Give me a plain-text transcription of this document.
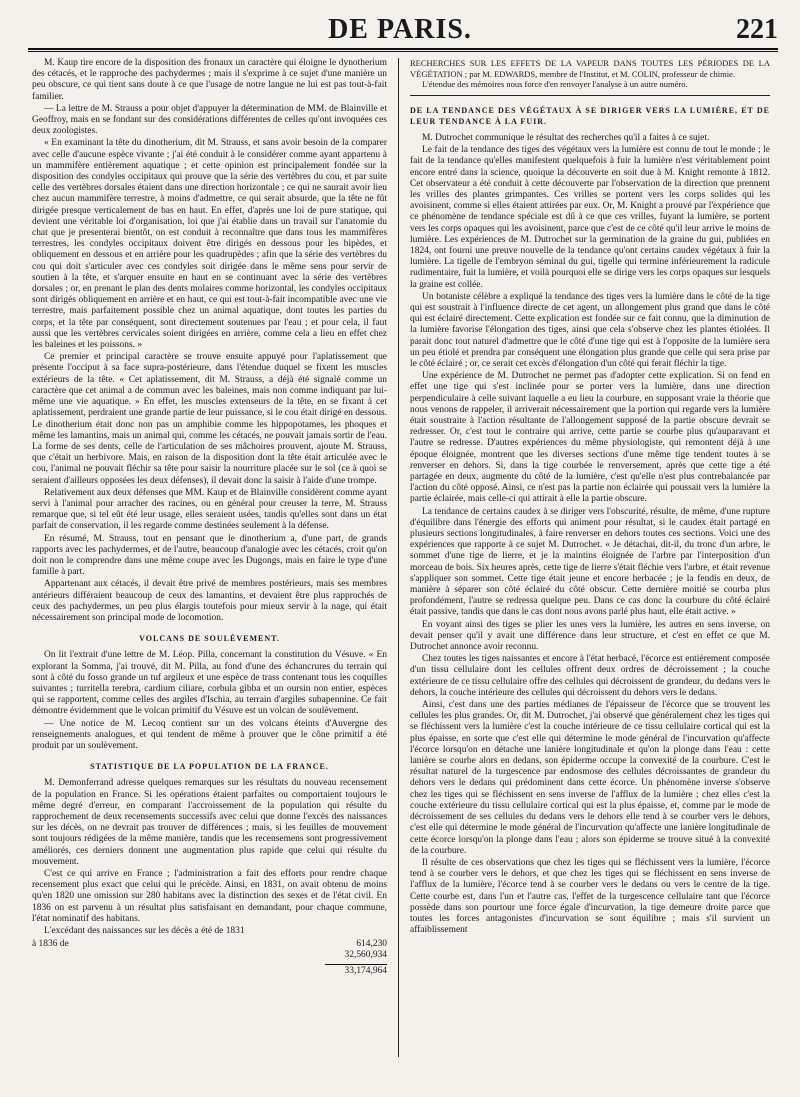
DE PARIS.	221

M. Kaup tire encore de la disposition des fronaux un caractère qui éloigne le dynotherium des cétacés, et le rapproche des pachydermes ; mais il s'exprime à ce sujet d'une manière un peu obscure, ce qui tient sans doute à ce que l'usage de notre langue ne lui est pas tout-à-fait familier.

— La lettre de M. Strauss a pour objet d'appuyer la détermination de MM. de Blainville et Geoffroy, mais en se fondant sur des considérations différentes de celles qu'ont invoquées ces deux zoologistes.

« En examinant la tête du dinotherium, dit M. Strauss, et sans avoir besoin de la comparer avec celle d'aucune espèce vivante ; j'ai été conduit à le considérer comme ayant appartenu à un mammifère entièrement aquatique ; et cette opinion est principalement fondée sur la disposition des condyles occipitaux qui prouve que la série des vertèbres du cou, et par suite celle des vertèbres dorsales étaient dans une direction horizontale ; ce qui ne saurait avoir lieu chez aucun mammifère terrestre, à moins d'admettre, ce qui serait absurde, que la tête ne fût dirigée presque verticalement de bas en haut. En effet, d'après une loi de pure statique, qui devient une véritable loi d'organisation, loi que j'ai établie dans un travail sur l'anatomie du chat que je presenterai bientôt, on est conduit à reconnaître que dans tous les mammifères terrestres, les condyles occipitaux doivent être dirigés en dessous pour les bipèdes, et obliquement en dessous et en arrière pour les quadrupèdes ; afin que la série des vertèbres du cou qui doit s'articuler avec ces condyles soit dirigée dans le même sens pour servir de soutien à la tête, et s'arquer ensuite en haut en se continuant avec la série des vertèbres dorsales ; or, en prenant le plan des dents molaires comme horizontal, les condyles occipitaux sont dirigés obliquement en arrière et en haut, ce qui est tout-à-fait incompatible avec une vie terrestre, mais parfaitement possible chez un animal aquatique, dont toutes les parties du corps, et la tête par conséquent, sont directement soutenues par l'eau ; et pour cela, il faut aussi que les vertèbres cervicales soient dirigées en arrière, comme cela a lieu en effet chez les baleines et les poissons. »

Ce premier et principal caractère se trouve ensuite appuyé pour l'aplatissement que présente l'occiput à sa face supra-postérieure, dans l'étendue duquel se fixent les muscles extérieurs de la tête. « Cet aplatissement, dit M. Strauss, a déjà été signalé comme un caractère que cet animal a de commun avec les baleines, mais non comme indiquant par lui-même une vie aquatique. » En effet, les muscles extenseurs de la tête, en se fixant à cet aplatissement, perdraient une grande partie de leur puissance, si le cou était dirigé en dessous. Le dinotherium était donc non pas un amphibie comme les hippopotames, les phoques et même les lamantins, mais un animal qui, comme les cétacés, ne pouvait jamais sortir de l'eau. La forme de ses dents, celle de l'articulation de ses mâchoires prouvent, ajoute M. Strauss, que c'était un herbivore. Mais, en raison de la disposition dont la tête était articulée avec le cou, l'animal ne pouvait fléchir sa tête pour saisir la nourriture placée sur le sol (ce à quoi se seraient d'ailleurs opposées les deux défenses), il devait donc la saisir à l'aide d'une trompe.

Relativement aux deux défenses que MM. Kaup et de Blainville considèrent comme ayant servi à l'animal pour arracher des racines, ou en général pour creuser la terre, M. Strauss remarque que, si tel eût été leur usage, elles seraient usées, tandis qu'elles sont dans un état parfait de conservation, il les regarde comme destinées seulement à la défense.

En résumé, M. Strauss, tout en pensant que le dinotherium a, d'une part, de grands rapports avec les pachydermes, et de l'autre, beaucoup d'analogie avec les cétacés, croit qu'on doit non le comprendre dans une même coupe avec les Dugongs, mais en faire le type d'une famille à part.

Appartenant aux cétacés, il devait être privé de membres postérieurs, mais ses membres antérieurs différaient beaucoup de ceux des lamantins, et devaient être plus rapprochés de ceux des pachydermes, un peu plus élargis toutefois pour mieux servir à la nage, qui était nécessairement son principal mode de locomotion.

VOLCANS DE SOULÈVEMENT.

On lit l'extrait d'une lettre de M. Léop. Pilla, concernant la constitution du Vésuve. « En explorant la Somma, j'ai trouvé, dit M. Pilla, au fond d'une des échancrures du terrain qui sont à côté du fosso grande un tuf argileux et une espèce de trass contenant tous les coquilles suivantes ; turritella terebra, cardium ciliare, corbula gibba et un oursin non entier, espèces qui se rapportent, comme celles des argiles d'Ischia, au terrain d'argiles subapennine. Ce fait démontre évidemment que le volcan primitif du Vésuve est un volcan de soulèvement.

— Une notice de M. Lecoq contient sur un des volcans éteints d'Auvergne des renseignements analogues, et qui tendent de même à prouver que le cône primitif a été produit par un soulèvement.

STATISTIQUE DE LA POPULATION DE LA FRANCE.

M. Demonferrand adresse quelques remarques sur les résultats du nouveau recensement de la population en France. Si les opérations étaient parfaites ou comportaient toujours le même degré d'erreur, en comparant l'accroissement de la population qui résulte du rapprochement de deux recensements successifs avec celui que donne l'excès des naissances sur les décès, on ne devrait pas trouver de différences ; mais, si les feuilles de mouvement sont toujours rédigées de la même manière, tandis que les recensemens sont progressivement améliorés, ces derniers donnent une augmentation plus rapide que celui qui résulte du mouvement.

C'est ce qui arrive en France ; l'administration a fait des efforts pour rendre chaque recensement plus exact que celui qui le précède. Ainsi, en 1831, on avait obtenu de moins qu'en 1820 une omission sur 280 habitans avec la distinction des sexes et de l'état civil. En 1836 on est parvenu à un résultat plus satisfaisant en demandant, pour chaque commune, l'état nominatif des habitans.

L'excédant des naissances sur les décès a été de 1831

à 1836 de	614,230
32,560,934
33,174,964
RECHERCHES SUR LES EFFETS DE LA VAPEUR DANS TOUTES LES PÉRIODES DE LA VÉGÉTATION ; par M. EDWARDS, membre de l'Institut, et M. COLIN, professeur de chimie.

L'étendue des mémoires nous force d'en renvoyer l'analyse à un autre numéro.

DE LA TENDANCE DES VÉGÉTAUX À SE DIRIGER VERS LA LUMIÈRE, ET DE LEUR TENDANCE À LA FUIR.

M. Dutrochet communique le résultat des recherches qu'il a faites à ce sujet.

Le fait de la tendance des tiges des végétaux vers la lumière est connu de tout le monde ; le fait de la tendance qu'elles manifestent quelquefois à fuir la lumière n'est véritablement point encore entré dans la science, quoique la découverte en soit due à M. Knight remonte à 1812. Cet observateur a été conduit à cette découverte par l'observation de la direction que prennent les vrilles des plantes grimpantes. Ces vrilles se portent vers les corps solides qui les avoisinent, comme si elles étaient attirées par eux. Or, M. Knight a prouvé par l'expérience que ce phénomène de tendance spéciale est dû à ce que ces vrilles, fuyant la lumière, se portent vers les corps opaques qui les avoisinent, parce que c'est de ce côté qu'il leur arrive le moins de lumière. Les expériences de M. Dutrochet sur la germination de la graine du gui, publiées en 1824, ont fourni une preuve nouvelle de la tendance qu'ont certains caudex végétaux à fuir la lumière. La tigelle de l'embryon séminal du gui, tigelle qui termine inférieurement la radicule rudimentaire, fuit la lumière, et voilà pourquoi elle se dirige vers les corps opaques sur lesquels la graine est collée.

Un botaniste célèbre a expliqué la tendance des tiges vers la lumière dans le côté de la tige qui est soustrait à l'influence directe de cet agent, un allongement plus grand que dans le côté qui est éclairé directement. Cette explication est fondée sur ce fait connu, que la diminution de la lumière favorise l'élongation des tiges, ainsi que cela s'observe chez les plantes étiolées. Il parait donc tout naturel d'admettre que le côté d'une tige qui est à l'opposite de la lumière sera un peu étiolé et prendra par conséquent une élongation plus grande que celle qui sera prise par le côté éclairé ; or, ce serait cet excès d'élongation d'un côté qui ferait fléchir la tige.

Une expérience de M. Dutrochet ne permet pas d'adopter cette explication. Si on fend en effet une tige qui s'est inclinée pour se porter vers la lumière, dans une direction perpendiculaire à celle suivant laquelle a eu lieu la courbure, en supposant vraie la théorie que nous venons de rappeler, il arriverait nécessairement que la portion qui regarde vers la lumière était soustraite à l'action résultante de l'allongement supposé de la partie obscure devrait se redresser. Or, c'est tout le contraire qui arrive, cette partie se courbe plus qu'auparavant et l'autre se redresse. D'autres expériences du même physiologiste, qui remontent déjà à une époque éloignée, montrent que les diverses sections d'une même tige tendent toutes à se renverser en dehors. Si, dans la tige courbée le renversement, après que cette tige a été partagée en deux, augmente du côté de la lumière, c'est qu'elle n'est plus contrebalancée par l'action du côté opposé. Ainsi, ce n'est pas la partie non éclairée qui poussait vers la lumière la partie éclairée, mais celle-ci qui attirait à elle la partie obscure.

La tendance de certains caudex à se diriger vers l'obscurité, résulte, de même, d'une rupture d'équilibre dans l'énergie des efforts qui animent pour résultat, si le caudex était partagé en plusieurs sections longitudinales, à faire renverser en dehors toutes ces sections. Voici une des expériences que rapporte à ce sujet M. Dutrochet. « Je détachai, dit-il, du tronc d'un arbre, le sommet d'une tige de lierre, et je la maintins éloignée de l'arbre par l'interposition d'un morceau de bois. Six heures après, cette tige de lierre s'était fléchie vers l'arbre, et était revenue s'appliquer son sommet. Cette tige était jeune et encore herbacée ; je la fendis en deux, de manière à séparer son côté éclairé du côté obscur. Cette dernière moitié se courba plus profondément, l'autre se redressa quelque peu. Dans ce cas donc la courbure du côté éclairé était passive, tandis que dans le cas dont nous avons parlé plus haut, elle était active. »

En voyant ainsi des tiges se plier les unes vers la lumière, les autres en sens inverse, on devait penser qu'il y avait une différence dans leur structure, et c'est en effet ce que M. Dutrochet annonce avoir reconnu.

Chez toutes les tiges naissantes et encore à l'état herbacé, l'écorce est entièrement composée d'un tissu cellulaire dont les cellules offrent deux ordres de décroissement ; la couche extérieure de ce tissu cellulaire offre des cellules qui décroissent de grandeur, du dedans vers le dehors, la couche intérieure des cellules qui décroissent du dehors vers le dedans.

Ainsi, c'est dans une des parties médianes de l'épaisseur de l'écorce que se trouvent les cellules les plus grandes. Or, dit M. Dutrochet, j'ai observé que généralement chez les tiges qui se fléchissent vers la lumière c'est la couche intérieure de ce tissu cellulaire cortical qui est la plus épaisse, en sorte que c'est elle qui détermine le mode général de l'incurvation qu'affecte l'écorce lorsqu'on en détache une lanière longitudinale et qu'on la plonge dans l'eau : cette lanière se courbe alors en dedans, son épiderme occupe la convexité de la courbure. C'est le résultat naturel de la turgescence par endosmose des cellules décroissantes de grandeur du dehors vers le dedans qui prédominent dans cette écorce. Un phénomène inverse s'observe chez les tiges qui se fléchissent en sens inverse de l'afflux de la lumière ; chez elles c'est la couche extérieure du tissu cellulaire cortical qui est la plus épaisse, et, comme par le mode de décroissement de ses cellules du dedans vers le dehors elle tend à se courber vers le dehors, c'est elle qui détermine le mode général de l'incurvation qu'affecte une lanière longitudinale de cette écorce lorsqu'on la plonge dans l'eau ; alors son épiderme se trouve situé à la convexité de la courbure.

Il résulte de ces observations que chez les tiges qui se fléchissent vers la lumière, l'écorce tend à se courber vers le dehors, et que chez les tiges qui se fléchissent en sens inverse de l'afflux de la lumière, l'écorce tend à se courber vers le dedans ou vers le centre de la tige. Cette courbe est, dans l'un et l'autre cas, l'effet de la turgescence cellulaire tant que l'écorce possède dans son pourtour une force égale d'incurvation, la tige demeure droite parce que toutes les forces antagonistes d'incurvation se sont équilibre ; mais s'il survient un affaiblissement
